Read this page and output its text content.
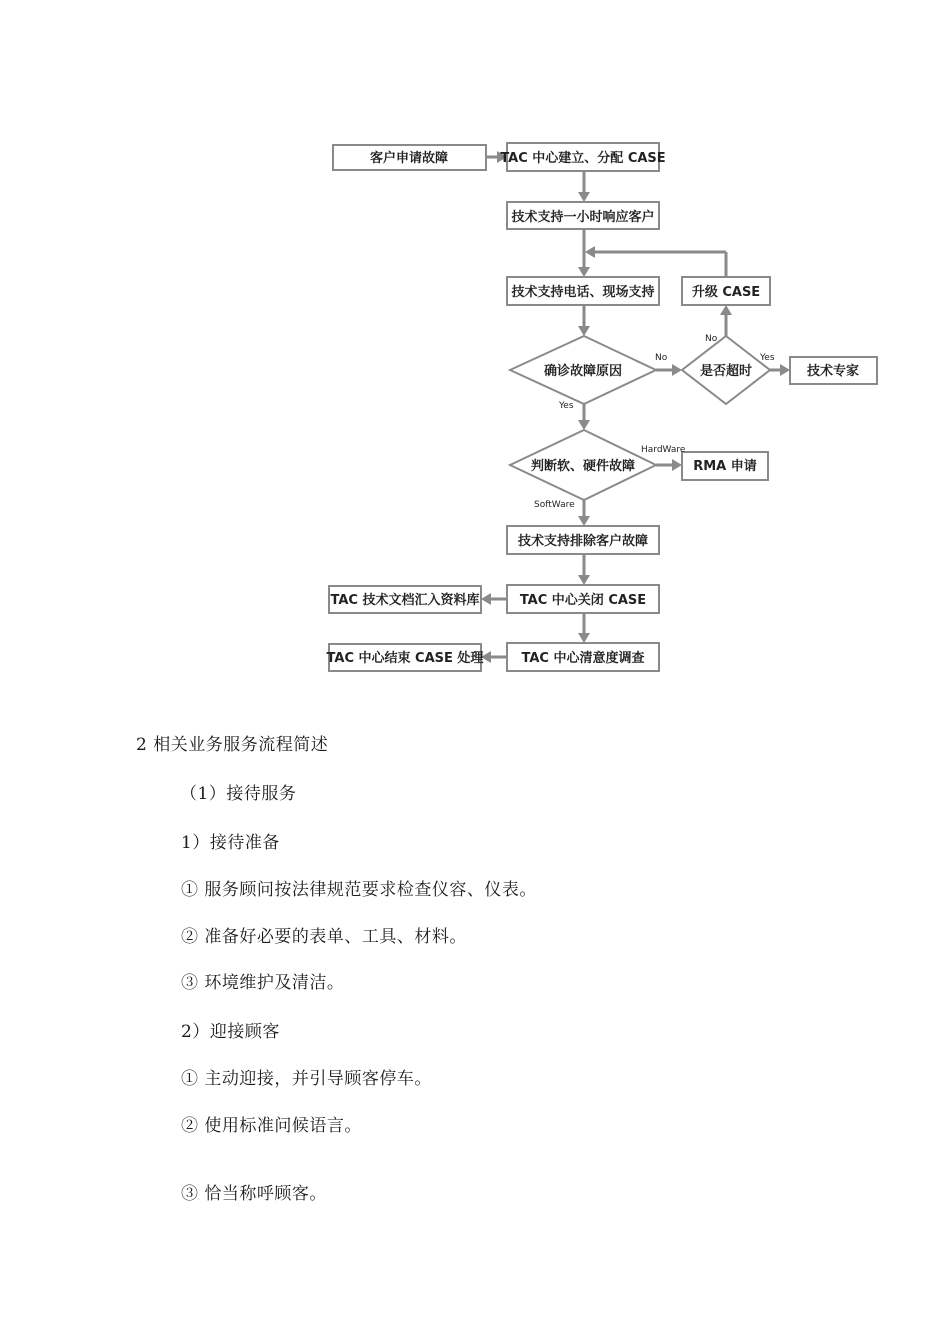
客户申请故障	TAC 中心建立、分配 CASE
技术支持一小时响应客户
技术支持电话、现场支持	升级 CASE
确诊故障原因	是否超时	技术专家
判断软、硬件故障	RMA 申请
技术支持排除客户故障
TAC 中心关闭 CASE
TAC 技术文档汇入资料库
TAC 中心清意度调查
TAC 中心结束 CASE 处理
No
Yes
No
Yes
HardWare
SoftWare
2 相关业务服务流程简述
（1）接待服务
1）接待准备
① 服务顾问按法律规范要求检查仪容、仪表。
② 准备好必要的表单、工具、材料。
③ 环境维护及清洁。
2）迎接顾客
① 主动迎接，并引导顾客停车。
② 使用标准问候语言。
③ 恰当称呼顾客。
